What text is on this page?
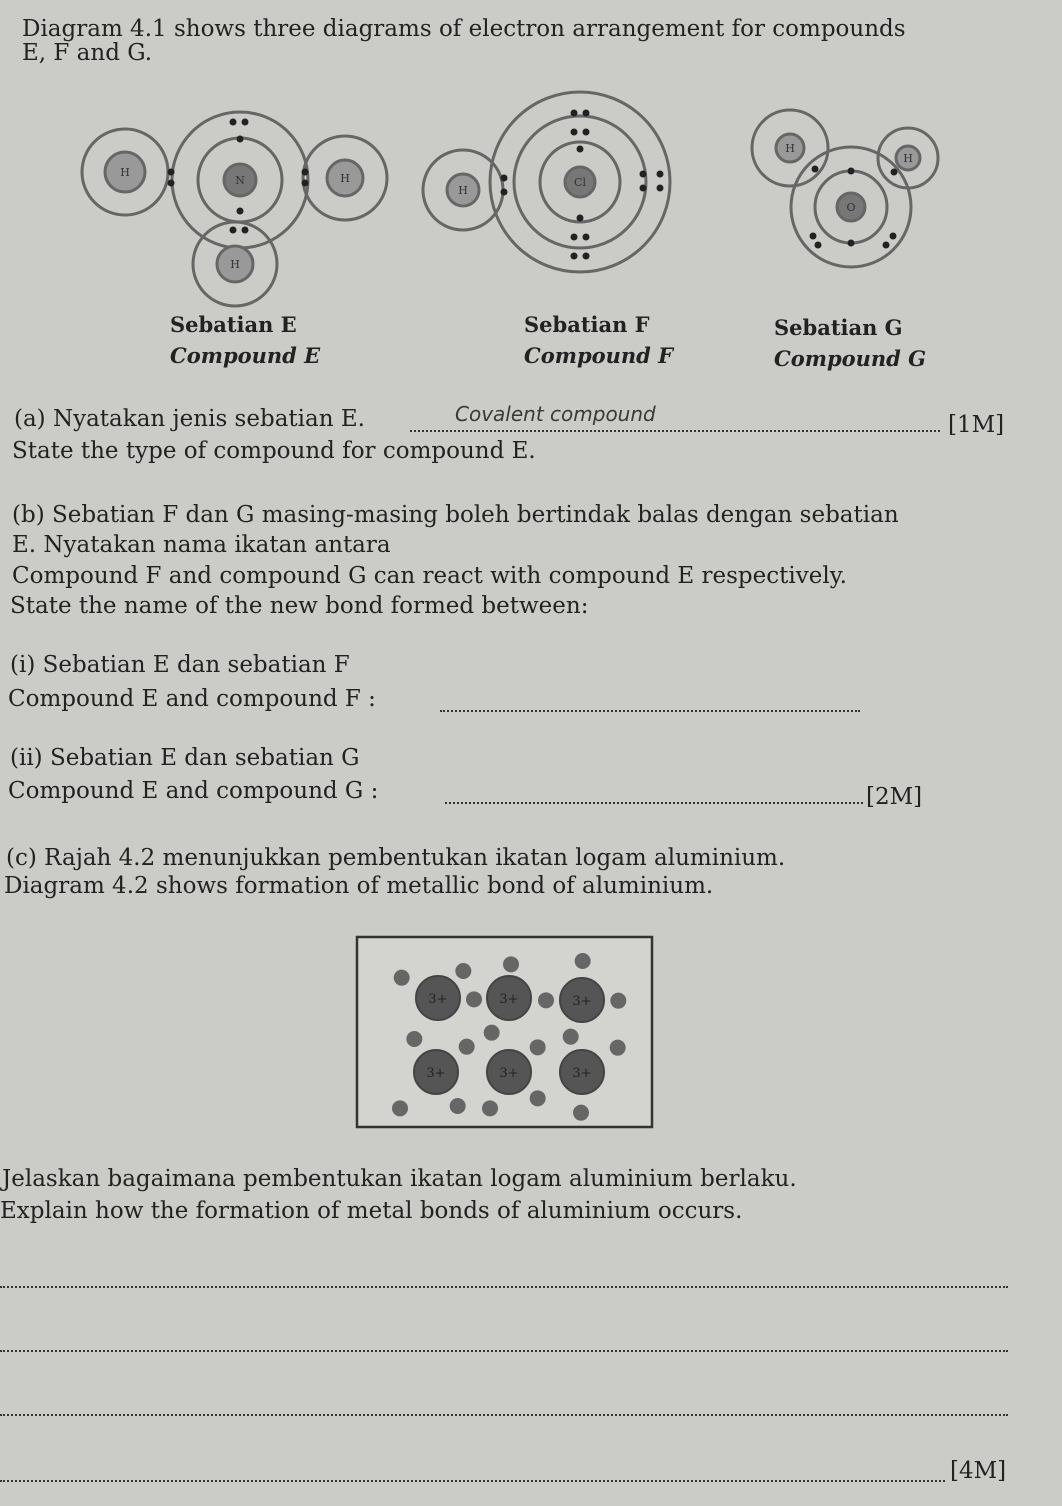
Diagram 4.1 shows three diagrams of electron arrangement for compounds
E, F and G.
3+	3+	3+
3+	3+	3+
H
N	H
H
H
Cl
H
O
H
Sebatian E
Compound E
Sebatian F
Compound F
Sebatian G
Compound G
(a) Nyatakan jenis sebatian E.	Covalent compound	[1M]
State the type of compound for compound E.
(b) Sebatian F dan G masing-masing boleh bertindak balas dengan sebatian
E. Nyatakan nama ikatan antara
Compound F and compound G can react with compound E respectively.
State the name of the new bond formed between:
(i) Sebatian E dan sebatian F
Compound E and compound F :
(ii) Sebatian E dan sebatian G
Compound E and compound G :	[2M]
(c) Rajah 4.2 menunjukkan pembentukan ikatan logam aluminium.
Diagram 4.2 shows formation of metallic bond of aluminium.
Jelaskan bagaimana pembentukan ikatan logam aluminium berlaku.
Explain how the formation of metal bonds of aluminium occurs.
[4M]
